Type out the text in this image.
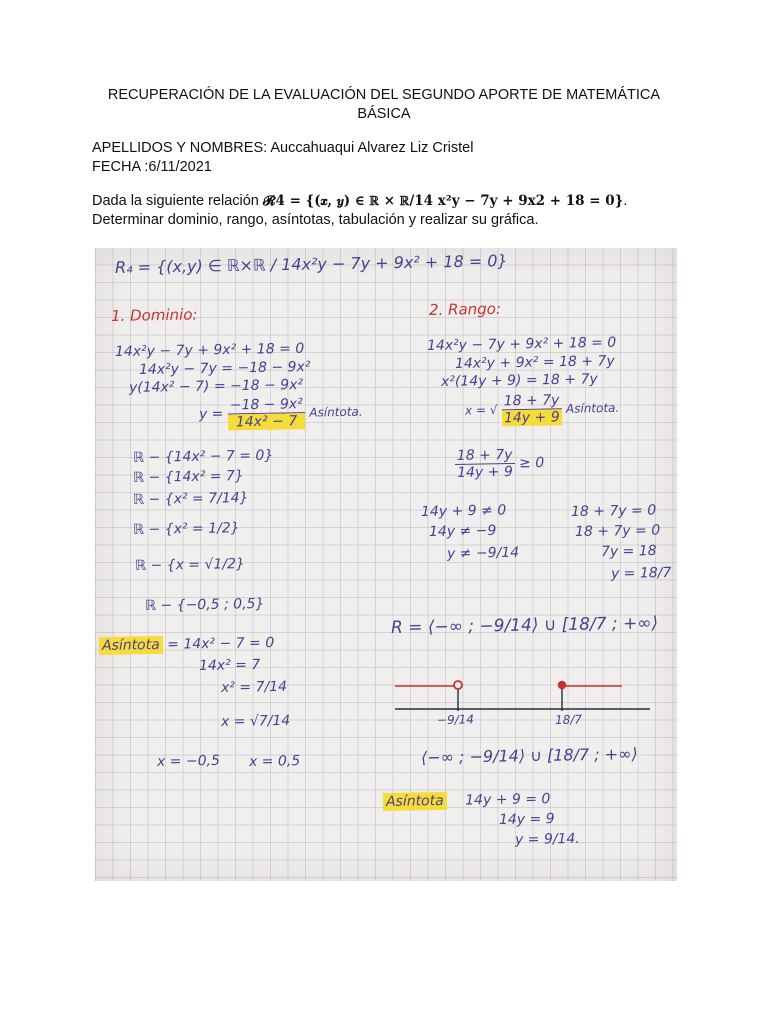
RECUPERACIÓN DE LA EVALUACIÓN DEL SEGUNDO APORTE DE MATEMÁTICA BÁSICA
APELLIDOS Y NOMBRES: Auccahuaqui Alvarez Liz Cristel
FECHA :6/11/2021
Dada la siguiente relación 𝓡4 = {(𝒙, 𝒚) ∈ ℝ × ℝ/14 x²y − 7y + 9x2 + 18 = 0}. Determinar dominio, rango, asíntotas, tabulación y realizar su gráfica.
R₄ = {(x,y) ∈ ℝ×ℝ / 14x²y − 7y + 9x² + 18 = 0}
1. Dominio:
14x²y − 7y + 9x² + 18 = 0
14x²y − 7y = −18 − 9x²
y(14x² − 7) = −18 − 9x²
$y = \frac{\text{−18 − 9x²}}{\text{14x² − 7}}$ Asíntota.
ℝ − {14x² − 7 = 0}
ℝ − {14x² = 7}
ℝ − {x² = 7/14}
ℝ − {x² = 1/2}
ℝ − {x = √1/2}
ℝ − {−0,5 ; 0,5}
Asíntota = 14x² − 7 = 0
14x² = 7
x² = 7/14
x = √7/14
x = −0,5 x = 0,5
2. Rango:
14x²y − 7y + 9x² + 18 = 0
14x²y + 9x² = 18 + 7y
x²(14y + 9) = 18 + 7y
x = √ $\frac{18 + 7y}{14y + 9}$ Asíntota.
$\frac{18 + 7y}{14y + 9} \ge 0$
14y + 9 ≠ 0
14y ≠ −9
y ≠ −9/14
18 + 7y = 0
18 + 7y = 0
7y = 18
y = 18/7
R = ⟨−∞ ; −9/14⟩ ∪ [18/7 ; +∞⟩
−9/14	18/7
⟨−∞ ; −9/14⟩ ∪ [18/7 ; +∞⟩
Asíntota 14y + 9 = 0
14y = 9
y = 9/14.
